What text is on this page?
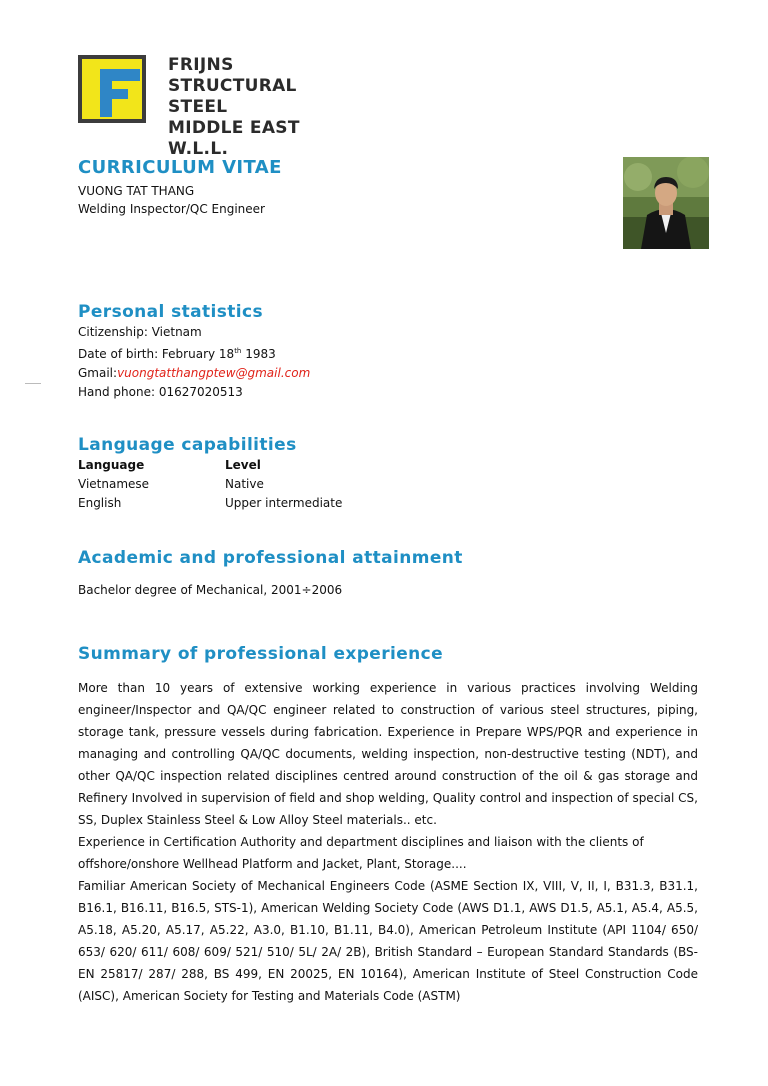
FRIJNS
STRUCTURAL STEEL
MIDDLE EAST W.L.L.
CURRICULUM VITAE
VUONG TAT THANG
Welding Inspector/QC Engineer
Personal statistics
Citizenship: Vietnam
Date of birth: February 18th 1983
Gmail:vuongtatthangptew@gmail.com
Hand phone: 01627020513
Language capabilities
Language	Level
Vietnamese	Native
English	Upper intermediate
Academic and professional attainment
Bachelor degree of Mechanical, 2001÷2006
Summary of professional experience

More than 10 years of extensive working experience in various practices involving Welding engineer/Inspector and QA/QC engineer related to construction of various steel structures, piping, storage tank, pressure vessels during fabrication. Experience in Prepare WPS/PQR and experience in managing and controlling QA/QC documents, welding inspection, non-destructive testing (NDT), and other QA/QC inspection related disciplines centred around construction of the oil & gas storage and Refinery Involved in supervision of field and shop welding, Quality control and inspection of special CS, SS, Duplex Stainless Steel & Low Alloy Steel materials.. etc.

Experience in Certification Authority and department disciplines and liaison with the clients of offshore/onshore Wellhead Platform and Jacket, Plant, Storage....

Familiar American Society of Mechanical Engineers Code (ASME Section IX, VIII, V, II, I, B31.3, B31.1, B16.1, B16.11, B16.5, STS-1), American Welding Society Code (AWS D1.1, AWS D1.5, A5.1, A5.4, A5.5, A5.18, A5.20, A5.17, A5.22, A3.0, B1.10, B1.11, B4.0), American Petroleum Institute (API 1104/ 650/ 653/ 620/ 611/ 608/ 609/ 521/ 510/ 5L/ 2A/ 2B), British Standard – European Standard Standards (BS-EN 25817/ 287/ 288, BS 499, EN 20025, EN 10164), American Institute of Steel Construction Code (AISC), American Society for Testing and Materials Code (ASTM)
